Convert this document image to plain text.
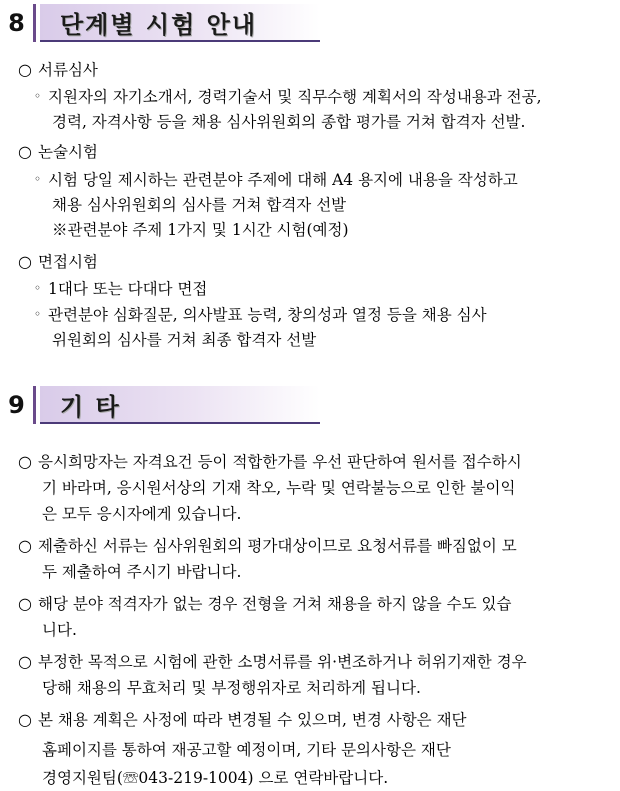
8	단계별 시험 안내
○ 서류심사
◦ 지원자의 자기소개서, 경력기술서 및 직무수행 계획서의 작성내용과 전공,
경력, 자격사항 등을 채용 심사위원회의 종합 평가를 거쳐 합격자 선발.
○ 논술시험
◦ 시험 당일 제시하는 관련분야 주제에 대해 A4 용지에 내용을 작성하고
채용 심사위원회의 심사를 거쳐 합격자 선발
※관련분야 주제 1가지 및 1시간 시험(예정)
○ 면접시험
◦ 1대다 또는 다대다 면접
◦ 관련분야 심화질문, 의사발표 능력, 창의성과 열정 등을 채용 심사
위원회의 심사를 거쳐 최종 합격자 선발
9	기 타
○ 응시희망자는 자격요건 등이 적합한가를 우선 판단하여 원서를 접수하시
기 바라며, 응시원서상의 기재 착오, 누락 및 연락불능으로 인한 불이익
은 모두 응시자에게 있습니다.
○ 제출하신 서류는 심사위원회의 평가대상이므로 요청서류를 빠짐없이 모
두 제출하여 주시기 바랍니다.
○ 해당 분야 적격자가 없는 경우 전형을 거쳐 채용을 하지 않을 수도 있습
니다.
○ 부정한 목적으로 시험에 관한 소명서류를 위·변조하거나 허위기재한 경우
당해 채용의 무효처리 및 부정행위자로 처리하게 됩니다.
○ 본 채용 계획은 사정에 따라 변경될 수 있으며, 변경 사항은 재단
홈페이지를 통하여 재공고할 예정이며, 기타 문의사항은 재단
경영지원팀(☏043-219-1004) 으로 연락바랍니다.
